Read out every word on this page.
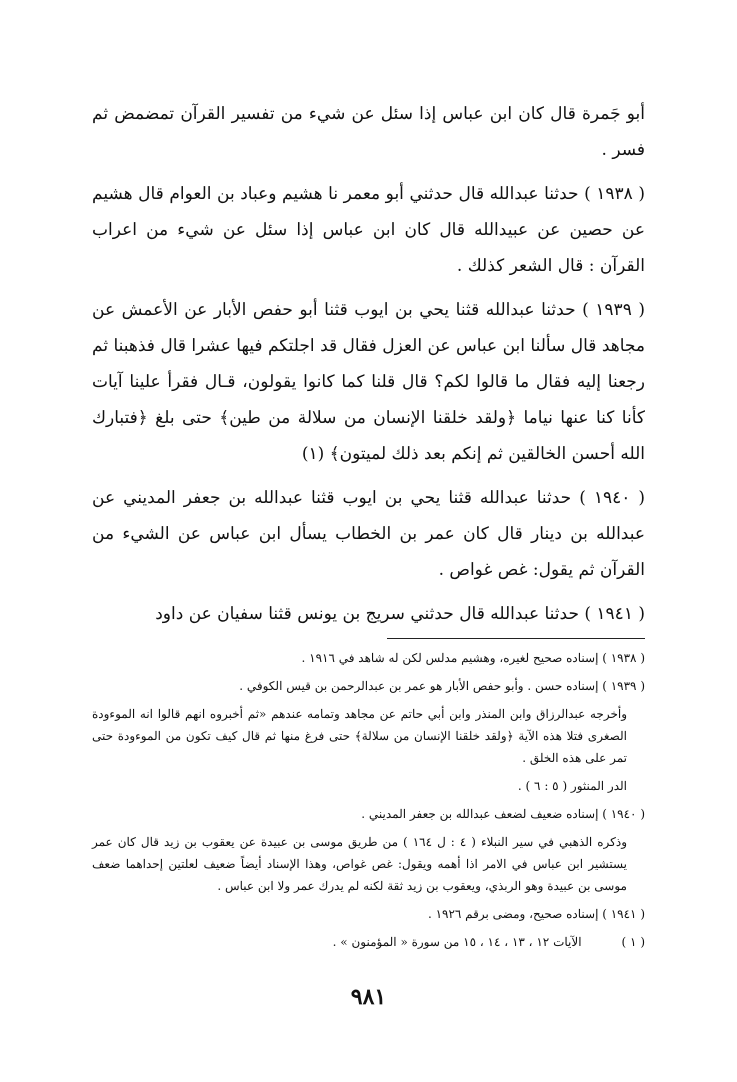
أبو جَمرة قال كان ابن عباس إذا سئل عن شيء من تفسير القرآن تمضمض ثم فسر .

( ١٩٣٨ ) حدثنا عبدالله قال حدثني أبو معمر نا هشيم وعباد بن العوام قال هشيم عن حصين عن عبيدالله قال كان ابن عباس إذا سئل عن شيء من اعراب القرآن : قال الشعر كذلك .

( ١٩٣٩ ) حدثنا عبدالله قثنا يحي بن ايوب قثنا أبو حفص الأبار عن الأعمش عن مجاهد قال سألنا ابن عباس عن العزل فقال قد اجلتكم فيها عشرا قال فذهبنا ثم رجعنا إليه فقال ما قالوا لكم؟ قال قلنا كما كانوا يقولون، قـال فقرأ علينا آيات كأنا كنا عنها نياما ﴿ولقد خلقنا الإنسان من سلالة من طين﴾ حتى بلغ ﴿فتبارك الله أحسن الخالقين ثم إنكم بعد ذلك لميتون﴾ (١)

( ١٩٤٠ ) حدثنا عبدالله قثنا يحي بن ايوب قثنا عبدالله بن جعفر المديني عن عبدالله بن دينار قال كان عمر بن الخطاب يسأل ابن عباس عن الشيء من القرآن ثم يقول: غص غواص .

( ١٩٤١ ) حدثنا عبدالله قال حدثني سريج بن يونس قثنا سفيان عن داود

( ١٩٣٨ ) إسناده صحيح لغيره، وهشيم مدلس لكن له شاهد في ١٩١٦ .

( ١٩٣٩ ) إسناده حسن . وأبو حفص الأبار هو عمر بن عبدالرحمن بن قيس الكوفي .

وأخرجه عبدالرزاق وابن المنذر وابن أبي حاتم عن مجاهد وتمامه عندهم «ثم أخبروه انهم قالوا انه الموءودة الصغرى فتلا هذه الآية ﴿ولقد خلقنا الإنسان من سلالة﴾ حتى فرغ منها ثم قال كيف تكون من الموءودة حتى تمر على هذه الخلق .

الدر المنثور ( ٥ : ٦ ) .

( ١٩٤٠ ) إسناده ضعيف لضعف عبدالله بن جعفر المديني .

وذكره الذهبي في سير النبلاء ( ٤ : ل ١٦٤ ) من طريق موسى بن عبيدة عن يعقوب بن زيد قال كان عمر يستشير ابن عباس في الامر اذا أهمه ويقول: غص غواص، وهذا الإسناد أيضاً ضعيف لعلتين إحداهما ضعف موسى بن عبيدة وهو الربذي، ويعقوب بن زيد ثقة لكنه لم يدرك عمر ولا ابن عباس .

( ١٩٤١ ) إسناده صحيح، ومضى برقم ١٩٢٦ .

( ١ )
الآيات ١٢ ، ١٣ ، ١٤ ، ١٥ من سورة « المؤمنون » .

٩٨١
